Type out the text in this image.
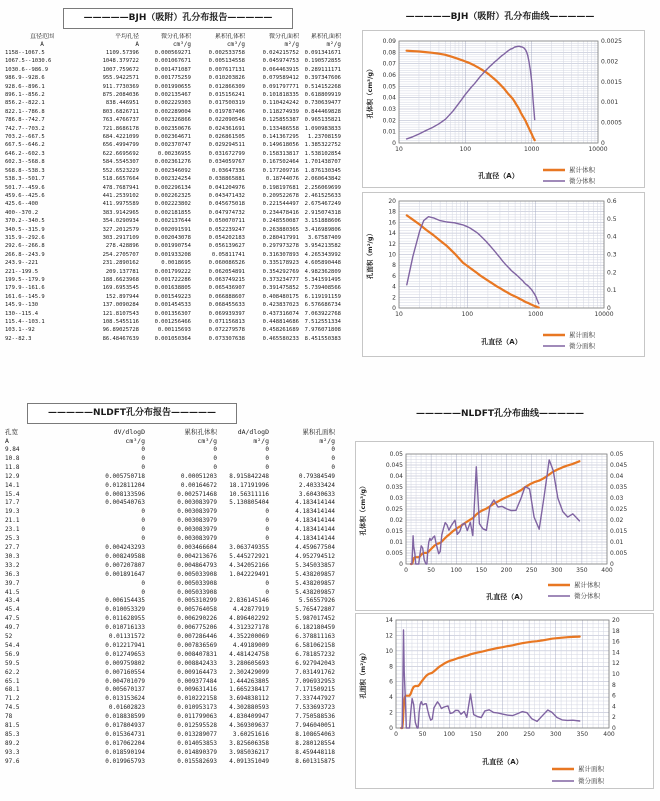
—————BJH（吸附）孔分布报告—————
直径范围	平均孔径	微分孔体积	累积孔体积	微分孔面积	累积孔面积
A	A	cm³/g	cm³/g	m²/g	m²/g
1158--1067.5	1109.57396	0.000569271	0.002533758	0.024215752	0.091341671
1067.5--1030.6	1048.379722	0.001067671	0.005134558	0.045974753	0.190572855
1030.6--986.9	1007.759672	0.001471087	0.007617131	0.064463915	0.289111171
986.9--928.6	955.9422571	0.001775259	0.010203826	0.079589412	0.397347606
928.6--896.1	911.7730369	0.001990655	0.012866309	0.091797771	0.514152268
896.1--856.2	875.2084036	0.002135467	0.015156241	0.101818335	0.618809919
856.2--822.1	838.446951	0.002229303	0.017500319	0.110424242	0.730639477
822.1--786.8	803.6826711	0.002289004	0.019787406	0.118274939	0.844469828
786.8--742.7	763.4766737	0.002326866	0.022090548	0.125855387	0.965135821
742.7--703.2	721.8686178	0.002350676	0.024361691	0.133486558	1.090983833
703.2--667.5	684.4221099	0.002364671	0.026861505	0.141367295	1.23708159
667.5--646.2	656.4994799	0.002370747	0.029294511	0.149618056	1.385322752
646.2--602.3	622.6695692	0.00236955	0.031672799	0.158313817	1.538102854
602.3--568.8	584.5545307	0.002361276	0.034059767	0.167502464	1.701438707
568.8--538.3	552.6523229	0.002346092	0.03647336	0.177209716	1.876130345
538.3--501.7	518.6657664	0.002324254	0.038865881	0.18744076	2.060643842
501.7--459.6	478.7687941	0.002296134	0.041204976	0.198197681	2.256069699
459.6--425.6	441.2539102	0.002262325	0.043471432	0.209522678	2.461525633
425.6--400	411.9975589	0.002223802	0.045675018	0.221544497	2.675467249
400--370.2	383.9142965	0.002181855	0.047974732	0.234478416	2.915074318
370.2--340.5	354.0290934	0.002137644	0.050070711	0.248550087	3.151888606
340.5--315.9	327.2012579	0.002091591	0.052239247	0.263880365	3.416989806
315.9--292.6	303.2917109	0.002043078	0.054202183	0.280417991	3.67587409
292.6--266.8	278.428896	0.001990754	0.056139627	0.297973278	3.954213582
266.8--243.9	254.2705707	0.001933208	0.05811741	0.316307893	4.265343992
243.9--221	231.2890162	0.0018695	0.060086526	0.335178923	4.605890448
221--199.5	209.137781	0.001799222	0.062054891	0.354292769	4.982362809
199.5--179.9	188.6623968	0.001722286	0.063749215	0.373234777	5.341591495
179.9--161.6	169.6953545	0.001638805	0.065436907	0.391475852	5.739408566
161.6--145.9	152.897944	0.001549223	0.066888607	0.408480175	6.119191159
145.9--130	137.0090284	0.001454533	0.068455633	0.423837023	6.576686734
130--115.4	121.8107543	0.001356307	0.069939397	0.437316074	7.063922768
115.4--103.1	108.5455116	0.001256466	0.071156813	0.448814686	7.512551334
103.1--92	96.89025728	0.00115693	0.072279578	0.458261689	7.976071808
92--82.3	86.48467639	0.001050364	0.073307638	0.465580233	8.451550383
—————BJH（吸附）孔分布曲线—————
0
0.01
0.02
0.03
0.04
0.05
0.06
0.07
0.08
0.09
0
0.0005
0.001
0.0015
0.002
0.0025
10	100	1000	10000
孔直径（A）
孔体积（cm³/g）
累计体积
微分体积
0
2
4
6
8
10
12
14
16
18
20
0
0.1
0.2
0.3
0.4
0.5
0.6
10	100	1000	10000
孔直径（A）
孔面积（m²/g）
累计面积
微分面积
—————NLDFT孔分布报告—————
孔宽	dV/dlogD	累积孔体积	dA/dlogD	累积孔面积
A	cm³/g	cm³/g	m²/g	m²/g
9.84	0	0	0	0
10.8	0	0	0	0
11.8	0	0	0	0
12.9	0.005750718	0.00051203	8.915842248	0.79384549
14.1	0.012811204	0.00164672	18.17191996	2.40333424
15.4	0.008133596	0.002571468	10.56311116	3.60430633
17.7	0.004540763	0.003083979	5.130805404	4.183414144
19.3	0	0.003083979	0	4.183414144
21.1	0	0.003083979	0	4.183414144
23.1	0	0.003083979	0	4.183414144
25.3	0	0.003083979	0	4.183414144
27.7	0.004243293	0.003466604	3.063749355	4.459677504
30.3	0.008249588	0.004213676	5.445272921	4.952794512
33.2	0.007207807	0.004864793	4.342052166	5.345033857
36.3	0.001891647	0.005033908	1.042229491	5.438209857
39.7	0	0.005033908	0	5.438209857
41.5	0	0.005033908	0	5.438209857
43.4	0.006154435	0.005310299	2.836145146	5.56557926
45.4	0.010053329	0.005764058	4.42877919	5.765472807
47.5	0.011628955	0.006290226	4.896402292	5.987017452
49.7	0.010716133	0.006775206	4.312327178	6.182180459
52	0.01131572	0.007286446	4.352200069	6.378811163
54.4	0.012217941	0.007836569	4.49189009	6.581062158
56.9	0.012749653	0.008407831	4.481424758	6.781857232
59.5	0.009759802	0.008842433	3.280605693	6.927942043
62.2	0.007160554	0.009164473	2.302429099	7.031491762
65.1	0.004701079	0.009377484	1.444263805	7.096932953
68.1	0.005670137	0.009631416	1.665238417	7.171509215
71.2	0.013153624	0.010222158	3.694838112	7.337447927
74.5	0.01602823	0.010953173	4.302880593	7.533693723
78	0.018838599	0.011799063	4.830409947	7.750588536
81.5	0.017804937	0.012595528	4.369309637	7.946040051
85.3	0.015364731	0.013289077	3.60251616	8.108654063
89.2	0.017062204	0.014053853	3.825606358	8.280128554
93.3	0.018590194	0.014890379	3.985036217	8.459448118
97.6	0.019965793	0.015582693	4.091351049	8.601315875
—————NLDFT孔分布曲线—————
0
0.005
0.01
0.015
0.02
0.025
0.03
0.035
0.04
0.045
0.05
0
0.005
0.01
0.015
0.02
0.025
0.03
0.035
0.04
0.045
0.05
0	50	100 150 200 250 300 350 400
孔直径（A）
孔体积（cm³/g）
累计体积
微分体积
0
2
4
6
8
10
12
14
0
2
4
6
8
10
12
14
16
18
20
0	50	100	150	200	250	300	350	400
孔直径（A）
孔面积（m²/g）
累计面积
微分面积
